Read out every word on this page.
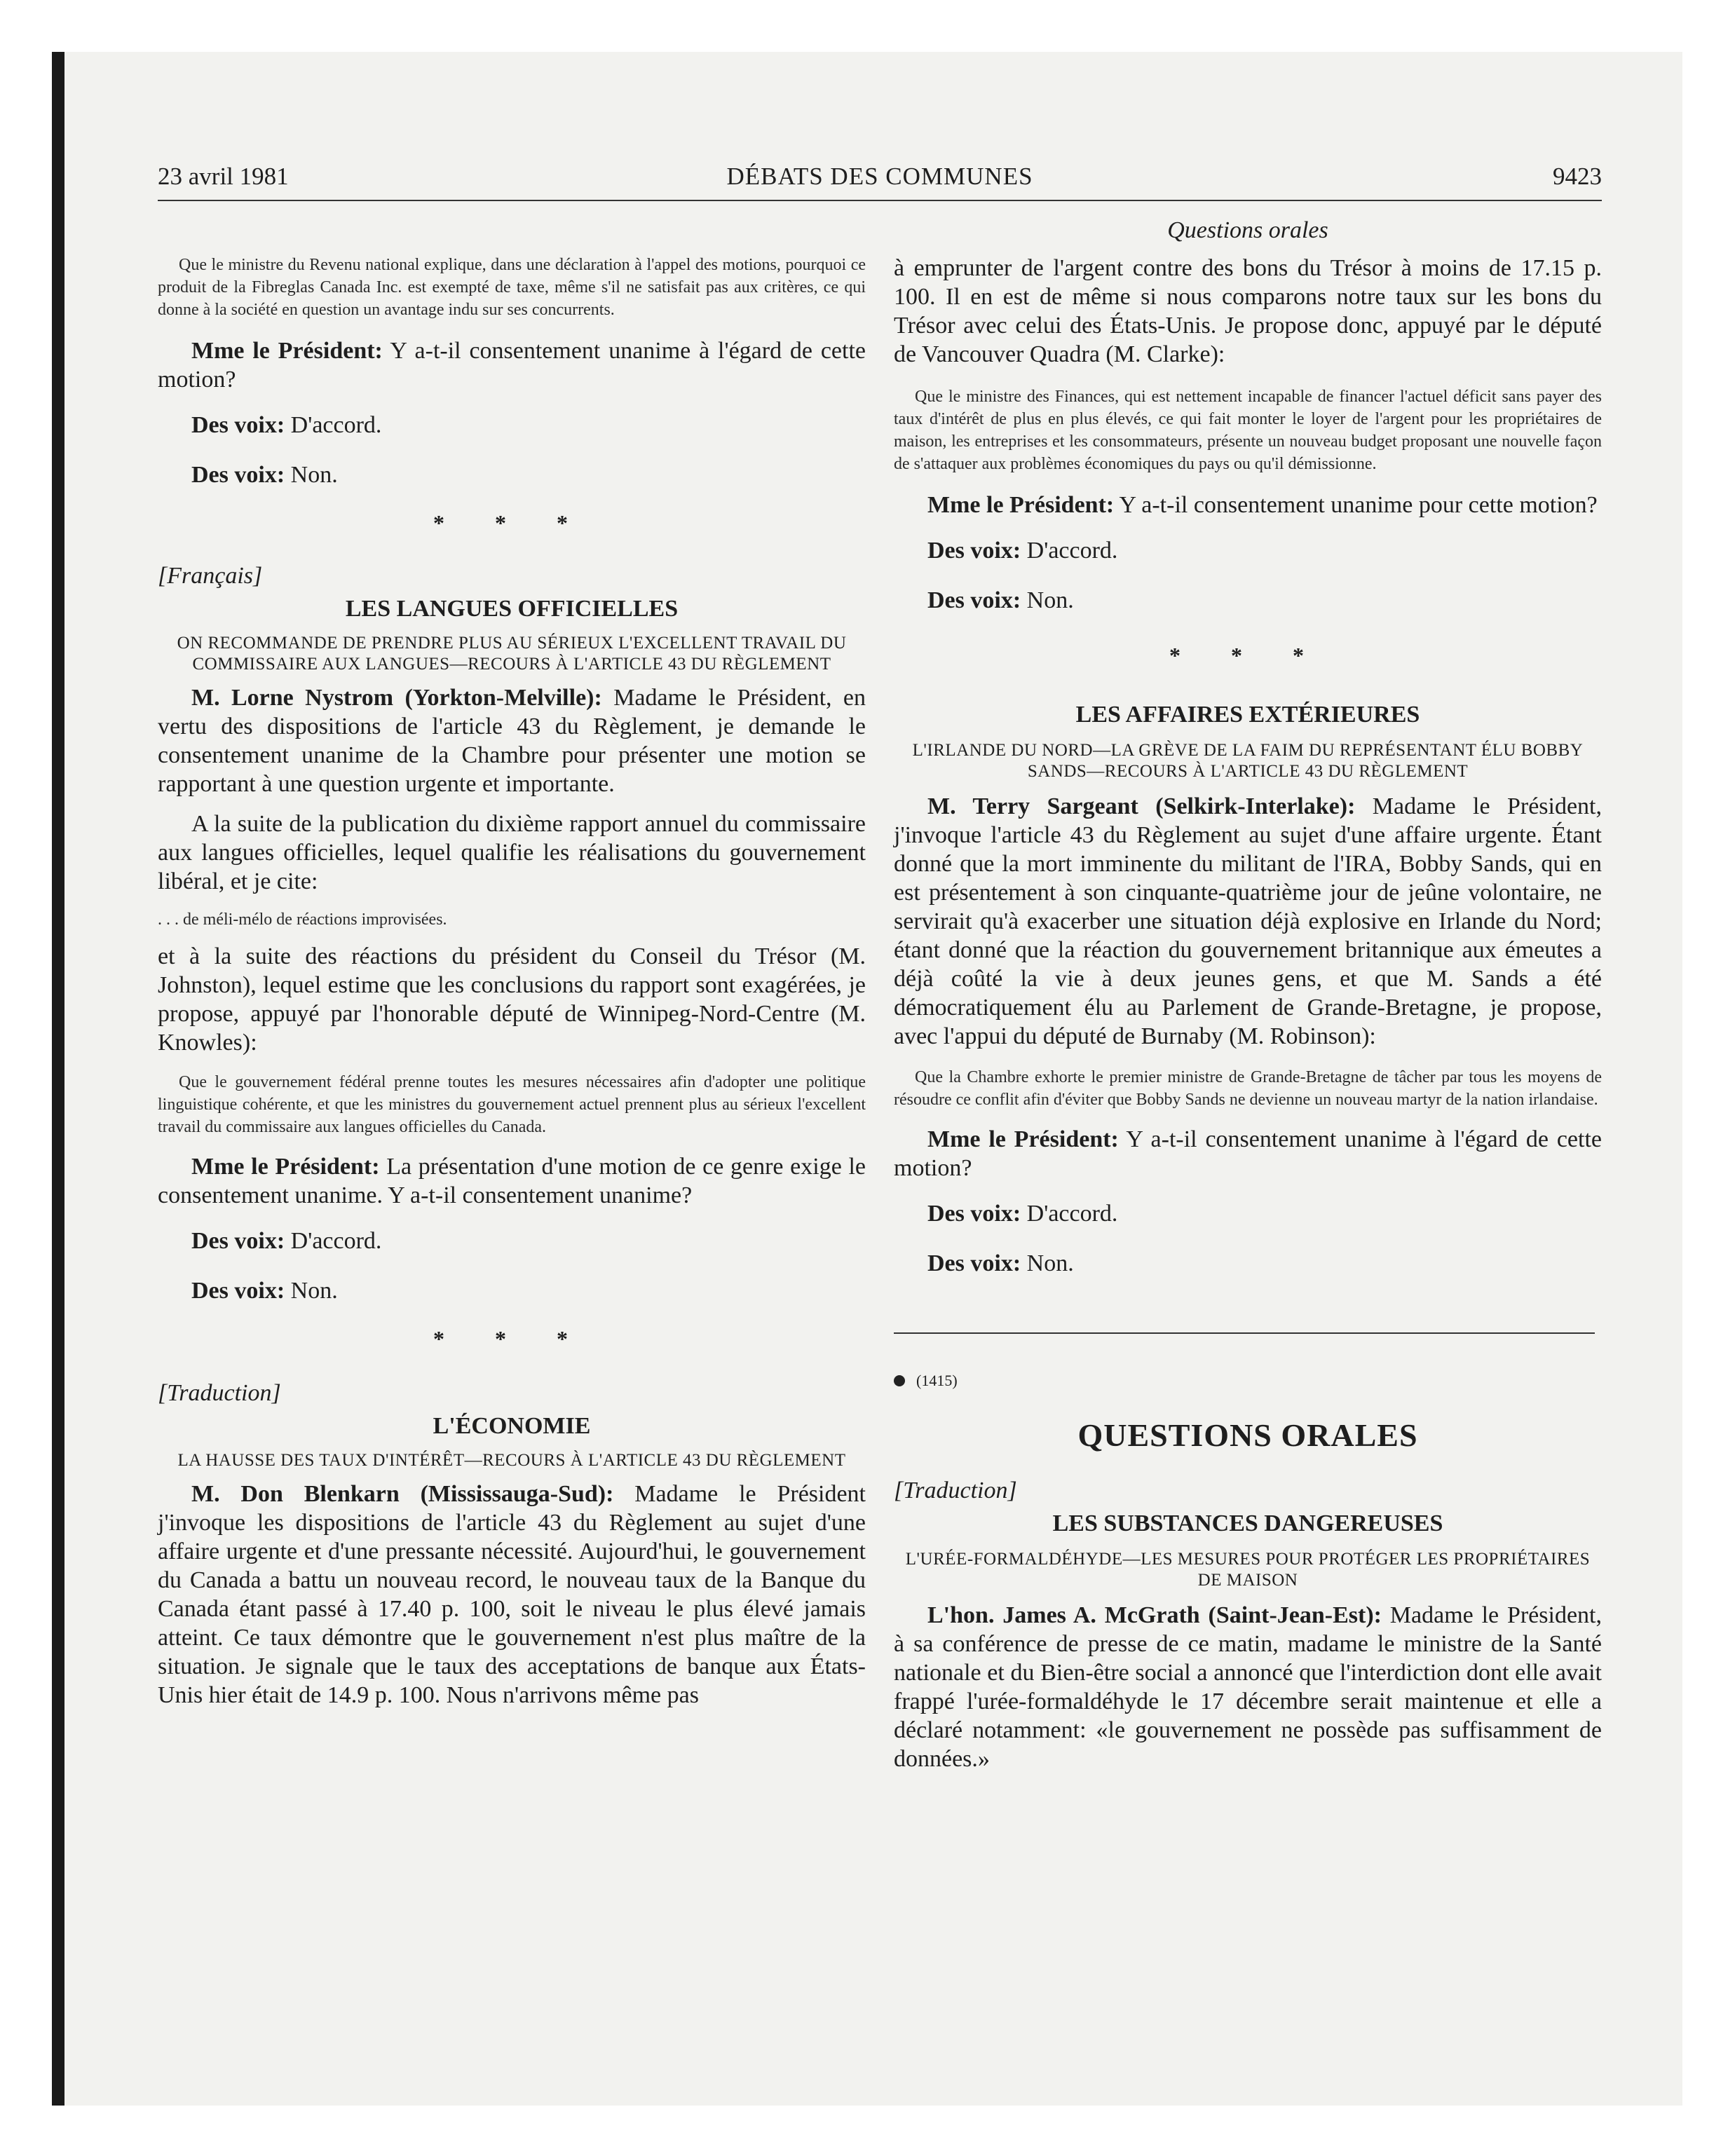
23 avril 1981	DÉBATS DES COMMUNES	9423
Questions orales

Que le ministre du Revenu national explique, dans une déclaration à l'appel des motions, pourquoi ce produit de la Fibreglas Canada Inc. est exempté de taxe, même s'il ne satisfait pas aux critères, ce qui donne à la société en question un avantage indu sur ses concurrents.

Mme le Président: Y a-t-il consentement unanime à l'égard de cette motion?

Des voix: D'accord.

Des voix: Non.

* * *

[Français]

LES LANGUES OFFICIELLES

ON RECOMMANDE DE PRENDRE PLUS AU SÉRIEUX L'EXCELLENT TRAVAIL DU COMMISSAIRE AUX LANGUES—RECOURS À L'ARTICLE 43 DU RÈGLEMENT

M. Lorne Nystrom (Yorkton-Melville): Madame le Président, en vertu des dispositions de l'article 43 du Règlement, je demande le consentement unanime de la Chambre pour présenter une motion se rapportant à une question urgente et importante.

A la suite de la publication du dixième rapport annuel du commissaire aux langues officielles, lequel qualifie les réalisations du gouvernement libéral, et je cite:

. . . de méli-mélo de réactions improvisées.

et à la suite des réactions du président du Conseil du Trésor (M. Johnston), lequel estime que les conclusions du rapport sont exagérées, je propose, appuyé par l'honorable député de Winnipeg-Nord-Centre (M. Knowles):

Que le gouvernement fédéral prenne toutes les mesures nécessaires afin d'adopter une politique linguistique cohérente, et que les ministres du gouvernement actuel prennent plus au sérieux l'excellent travail du commissaire aux langues officielles du Canada.

Mme le Président: La présentation d'une motion de ce genre exige le consentement unanime. Y a-t-il consentement unanime?

Des voix: D'accord.

Des voix: Non.

* * *

[Traduction]

L'ÉCONOMIE

LA HAUSSE DES TAUX D'INTÉRÊT—RECOURS À L'ARTICLE 43 DU RÈGLEMENT

M. Don Blenkarn (Mississauga-Sud): Madame le Président j'invoque les dispositions de l'article 43 du Règlement au sujet d'une affaire urgente et d'une pressante nécessité. Aujourd'hui, le gouvernement du Canada a battu un nouveau record, le nouveau taux de la Banque du Canada étant passé à 17.40 p. 100, soit le niveau le plus élevé jamais atteint. Ce taux démontre que le gouvernement n'est plus maître de la situation. Je signale que le taux des acceptations de banque aux États-Unis hier était de 14.9 p. 100. Nous n'arrivons même pas

à emprunter de l'argent contre des bons du Trésor à moins de 17.15 p. 100. Il en est de même si nous comparons notre taux sur les bons du Trésor avec celui des États-Unis. Je propose donc, appuyé par le député de Vancouver Quadra (M. Clarke):

Que le ministre des Finances, qui est nettement incapable de financer l'actuel déficit sans payer des taux d'intérêt de plus en plus élevés, ce qui fait monter le loyer de l'argent pour les propriétaires de maison, les entreprises et les consommateurs, présente un nouveau budget proposant une nouvelle façon de s'attaquer aux problèmes économiques du pays ou qu'il démissionne.

Mme le Président: Y a-t-il consentement unanime pour cette motion?

Des voix: D'accord.

Des voix: Non.

* * *

LES AFFAIRES EXTÉRIEURES

L'IRLANDE DU NORD—LA GRÈVE DE LA FAIM DU REPRÉSENTANT ÉLU BOBBY SANDS—RECOURS À L'ARTICLE 43 DU RÈGLEMENT

M. Terry Sargeant (Selkirk-Interlake): Madame le Président, j'invoque l'article 43 du Règlement au sujet d'une affaire urgente. Étant donné que la mort imminente du militant de l'IRA, Bobby Sands, qui en est présentement à son cinquante-quatrième jour de jeûne volontaire, ne servirait qu'à exacerber une situation déjà explosive en Irlande du Nord; étant donné que la réaction du gouvernement britannique aux émeutes a déjà coûté la vie à deux jeunes gens, et que M. Sands a été démocratiquement élu au Parlement de Grande-Bretagne, je propose, avec l'appui du député de Burnaby (M. Robinson):

Que la Chambre exhorte le premier ministre de Grande-Bretagne de tâcher par tous les moyens de résoudre ce conflit afin d'éviter que Bobby Sands ne devienne un nouveau martyr de la nation irlandaise.

Mme le Président: Y a-t-il consentement unanime à l'égard de cette motion?

Des voix: D'accord.

Des voix: Non.

(1415)

QUESTIONS ORALES

[Traduction]

LES SUBSTANCES DANGEREUSES

L'URÉE-FORMALDÉHYDE—LES MESURES POUR PROTÉGER LES PROPRIÉTAIRES DE MAISON

L'hon. James A. McGrath (Saint-Jean-Est): Madame le Président, à sa conférence de presse de ce matin, madame le ministre de la Santé nationale et du Bien-être social a annoncé que l'interdiction dont elle avait frappé l'urée-formaldéhyde le 17 décembre serait maintenue et elle a déclaré notamment: «le gouvernement ne possède pas suffisamment de données.»
